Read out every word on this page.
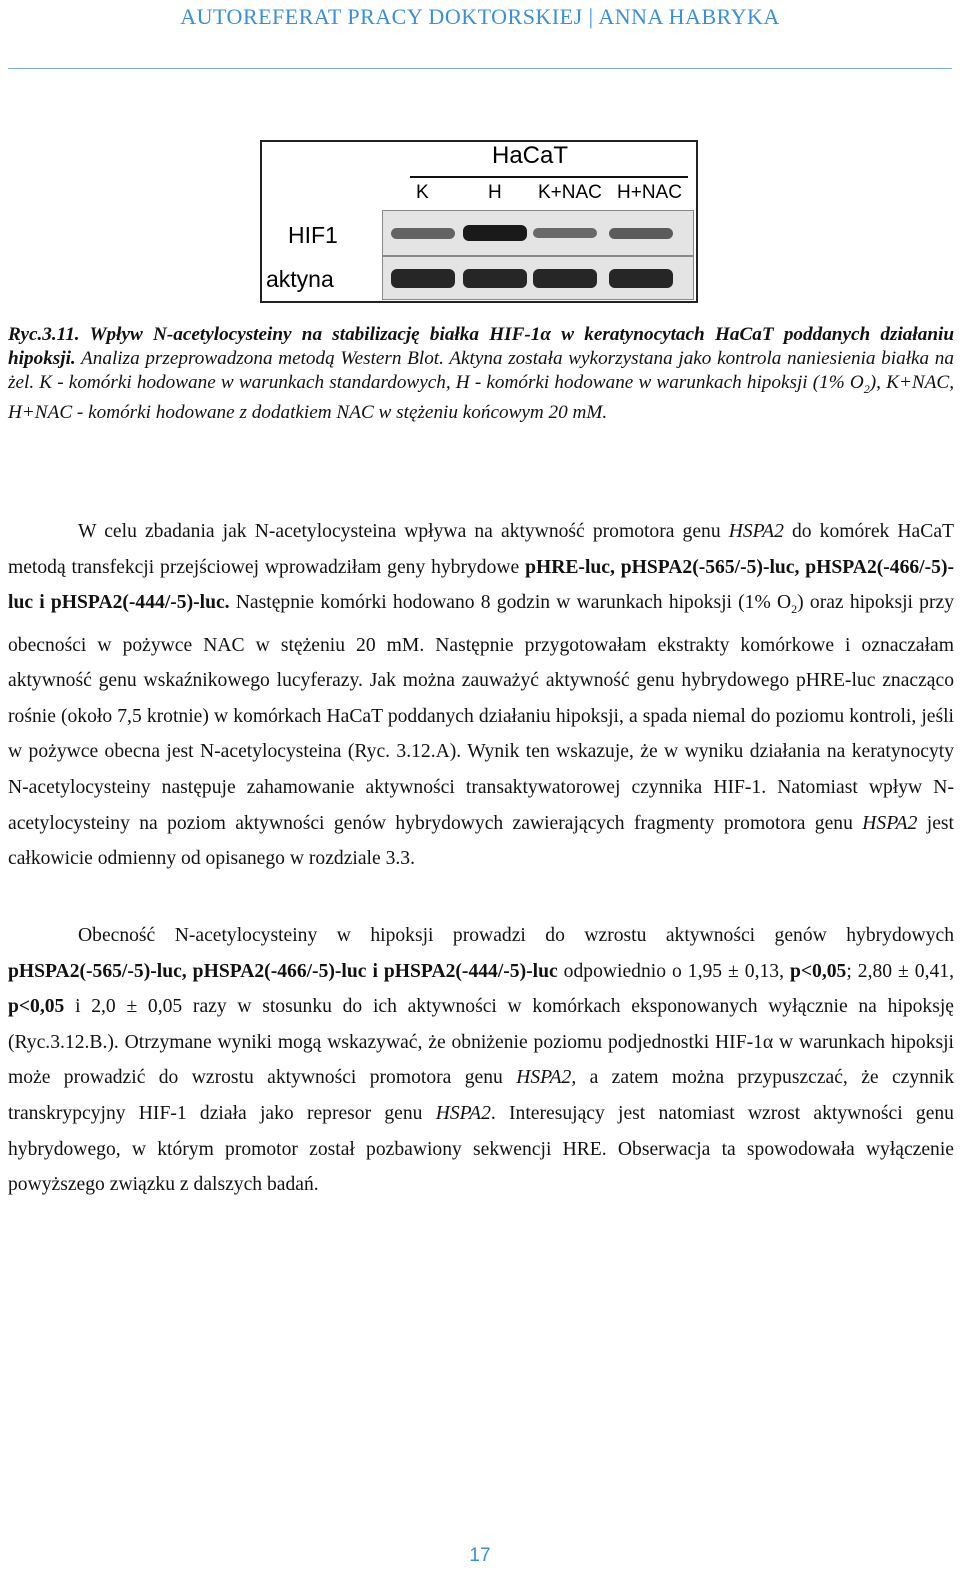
AUTOREFERAT PRACY DOKTORSKIEJ | ANNA HABRYKA
HaCaT
K	H K+NAC H+NAC
HIF1
aktyna
Ryc.3.11. Wpływ N-acetylocysteiny na stabilizację białka HIF-1α w keratynocytach HaCaT poddanych działaniu hipoksji. Analiza przeprowadzona metodą Western Blot. Aktyna została wykorzystana jako kontrola naniesienia białka na żel. K - komórki hodowane w warunkach standardowych, H - komórki hodowane w warunkach hipoksji (1% $O_2$), K+NAC, H+NAC - komórki hodowane z dodatkiem NAC w stężeniu końcowym 20 mM.

W celu zbadania jak N-acetylocysteina wpływa na aktywność promotora genu HSPA2 do komórek HaCaT metodą transfekcji przejściowej wprowadziłam geny hybrydowe pHRE-luc, pHSPA2(-565/-5)-luc, pHSPA2(-466/-5)-luc i pHSPA2(-444/-5)-luc. Następnie komórki hodowano 8 godzin w warunkach hipoksji (1% $O_2$) oraz hipoksji przy obecności w pożywce NAC w stężeniu 20 mM. Następnie przygotowałam ekstrakty komórkowe i oznaczałam aktywność genu wskaźnikowego lucyferazy. Jak można zauważyć aktywność genu hybrydowego pHRE-luc znacząco rośnie (około 7,5 krotnie) w komórkach HaCaT poddanych działaniu hipoksji, a spada niemal do poziomu kontroli, jeśli w pożywce obecna jest N-acetylocysteina (Ryc. 3.12.A). Wynik ten wskazuje, że w wyniku działania na keratynocyty N-acetylocysteiny następuje zahamowanie aktywności transaktywatorowej czynnika HIF-1. Natomiast wpływ N-acetylocysteiny na poziom aktywności genów hybrydowych zawierających fragmenty promotora genu HSPA2 jest całkowicie odmienny od opisanego w rozdziale 3.3.

Obecność N-acetylocysteiny w hipoksji prowadzi do wzrostu aktywności genów hybrydowych pHSPA2(-565/-5)-luc, pHSPA2(-466/-5)-luc i pHSPA2(-444/-5)-luc odpowiednio o 1,95 ± 0,13, p<0,05; 2,80 ± 0,41, p<0,05 i 2,0 ± 0,05 razy w stosunku do ich aktywności w komórkach eksponowanych wyłącznie na hipoksję (Ryc.3.12.B.). Otrzymane wyniki mogą wskazywać, że obniżenie poziomu podjednostki HIF-1α w warunkach hipoksji może prowadzić do wzrostu aktywności promotora genu HSPA2, a zatem można przypuszczać, że czynnik transkrypcyjny HIF-1 działa jako represor genu HSPA2. Interesujący jest natomiast wzrost aktywności genu hybrydowego, w którym promotor został pozbawiony sekwencji HRE. Obserwacja ta spowodowała wyłączenie powyższego związku z dalszych badań.

17
